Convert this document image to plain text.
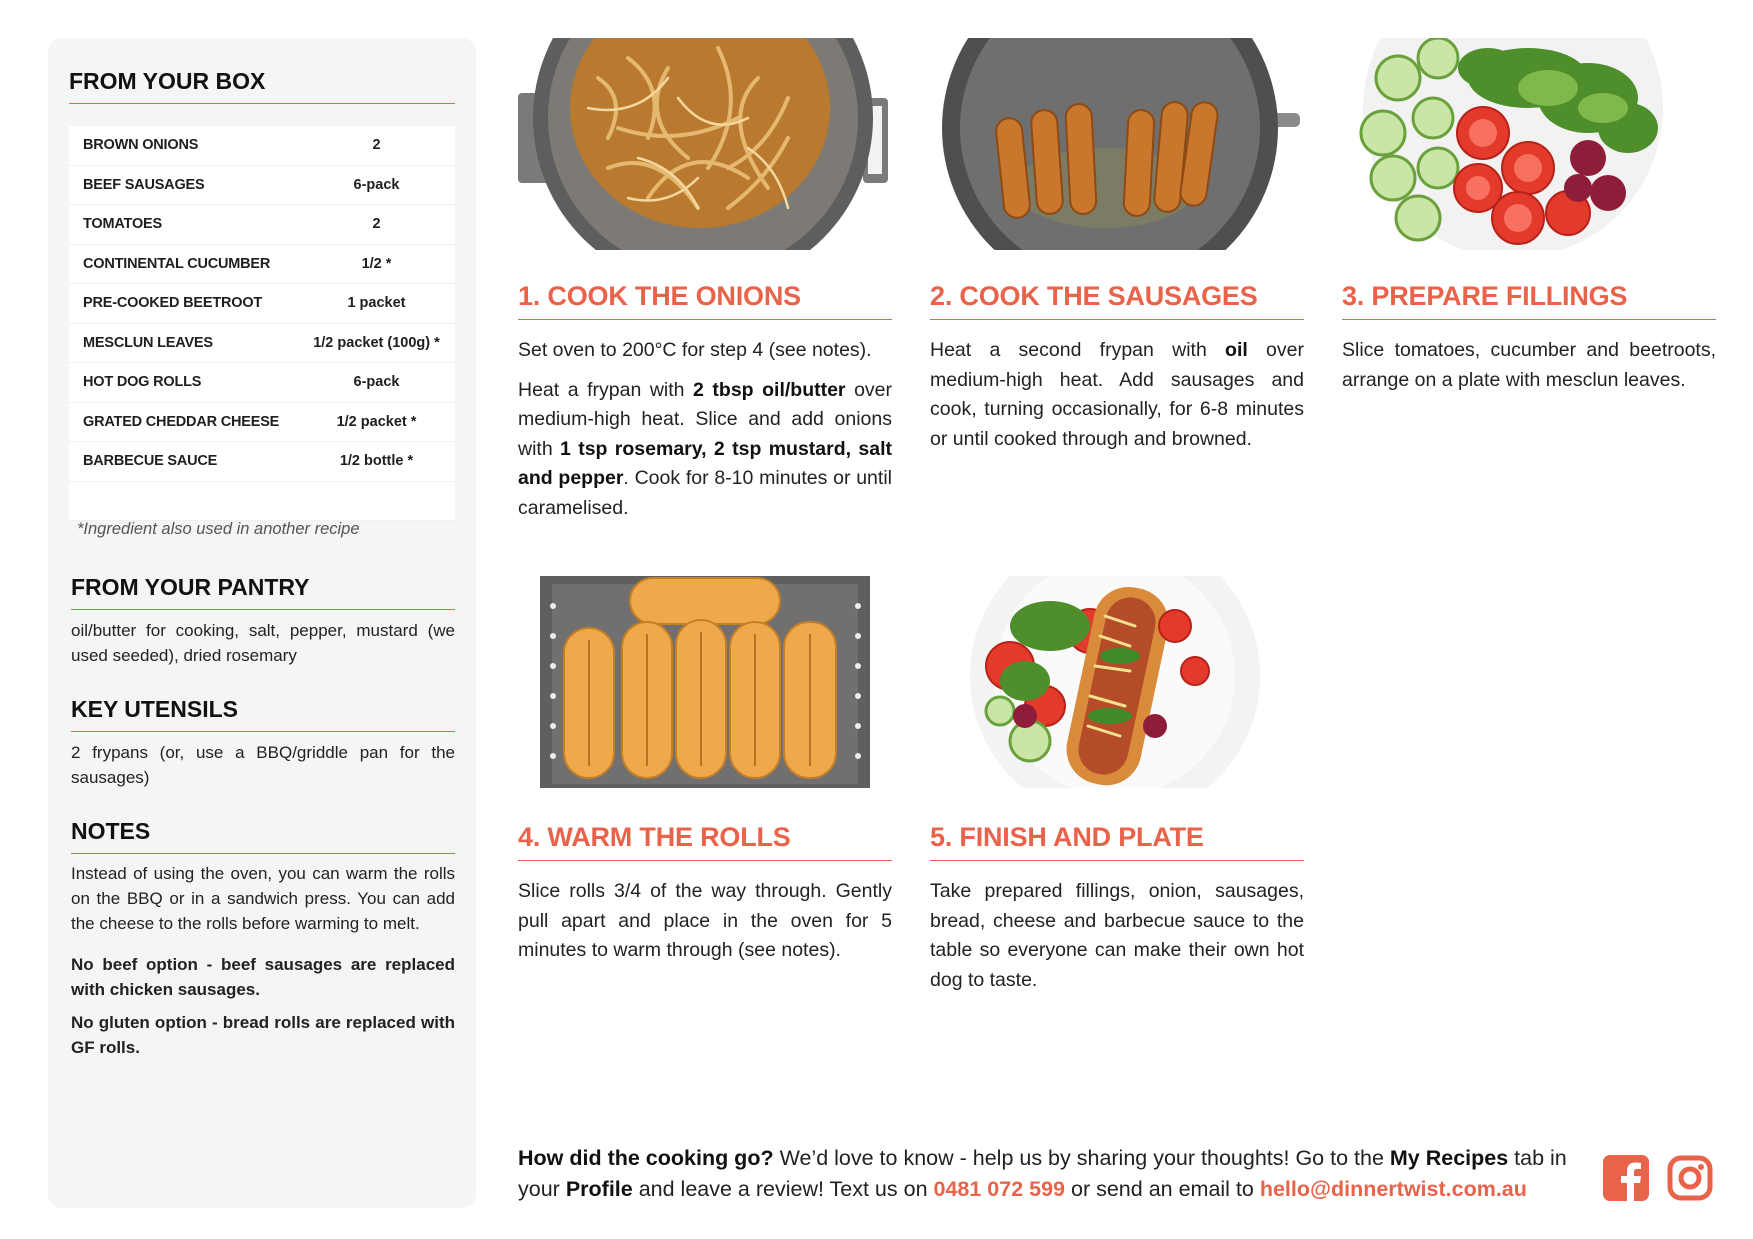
FROM YOUR BOX
BROWN ONIONS	2
BEEF SAUSAGES	6-pack
TOMATOES	2
CONTINENTAL CUCUMBER	1/2 *
PRE-COOKED BEETROOT	1 packet
MESCLUN LEAVES	1/2 packet (100g) *
HOT DOG ROLLS	6-pack
GRATED CHEDDAR CHEESE	1/2 packet *
BARBECUE SAUCE	1/2 bottle *
*Ingredient also used in another recipe
FROM YOUR PANTRY
oil/butter for cooking, salt, pepper, mustard (we used seeded), dried rosemary
KEY UTENSILS
2 frypans (or, use a BBQ/griddle pan for the sausages)
NOTES
Instead of using the oven, you can warm the rolls on the BBQ or in a sandwich press. You can add the cheese to the rolls before warming to melt.
No beef option - beef sausages are replaced with chicken sausages.
No gluten option - bread rolls are replaced with GF rolls.
1. COOK THE ONIONS

Set oven to 200°C for step 4 (see notes).

Heat a frypan with 2 tbsp oil/butter over medium-high heat. Slice and add onions with 1 tsp rosemary, 2 tsp mustard, salt and pepper. Cook for 8-10 minutes or until caramelised.

2. COOK THE SAUSAGES

Heat a second frypan with oil over medium-high heat. Add sausages and cook, turning occasionally, for 6-8 minutes or until cooked through and browned.

3. PREPARE FILLINGS

Slice tomatoes, cucumber and beetroots, arrange on a plate with mesclun leaves.

4. WARM THE ROLLS

Slice rolls 3/4 of the way through. Gently pull apart and place in the oven for 5 minutes to warm through (see notes).

5. FINISH AND PLATE

Take prepared fillings, onion, sausages, bread, cheese and barbecue sauce to the table so everyone can make their own hot dog to taste.

How did the cooking go? We’d love to know - help us by sharing your thoughts! Go to the My Recipes tab in your Profile and leave a review! Text us on 0481 072 599 or send an email to hello@dinnertwist.com.au
